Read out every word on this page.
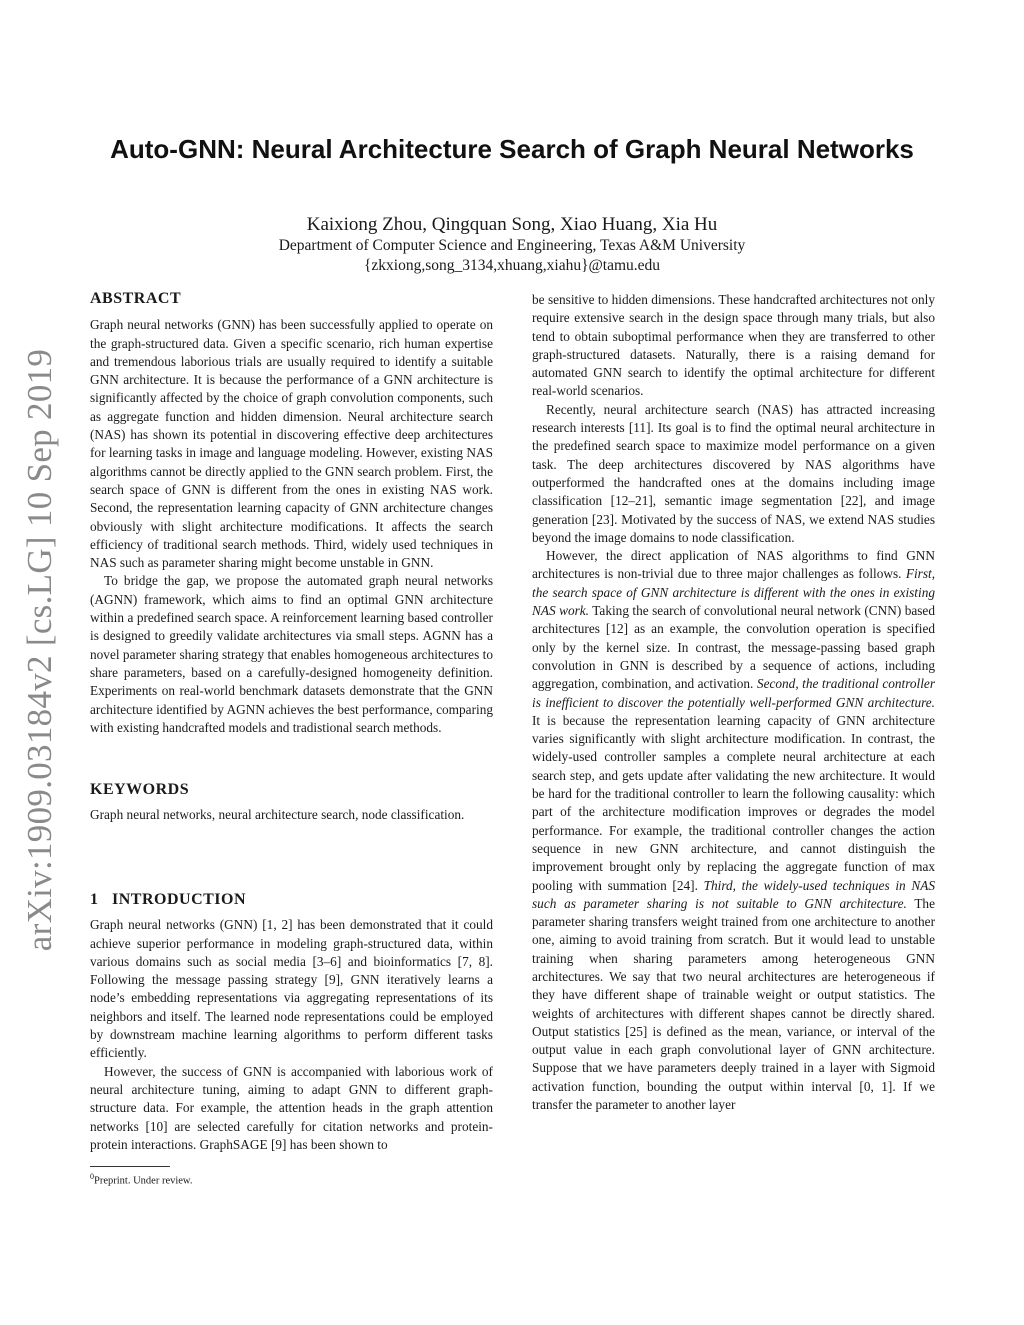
arXiv:1909.03184v2 [cs.LG] 10 Sep 2019
Auto-GNN: Neural Architecture Search of Graph Neural Networks
Kaixiong Zhou, Qingquan Song, Xiao Huang, Xia Hu
Department of Computer Science and Engineering, Texas A&M University
{zkxiong,song_3134,xhuang,xiahu}@tamu.edu
ABSTRACT

Graph neural networks (GNN) has been successfully applied to operate on the graph-structured data. Given a specific scenario, rich human expertise and tremendous laborious trials are usually required to identify a suitable GNN architecture. It is because the performance of a GNN architecture is significantly affected by the choice of graph convolution components, such as aggregate function and hidden dimension. Neural architecture search (NAS) has shown its potential in discovering effective deep architectures for learning tasks in image and language modeling. However, existing NAS algorithms cannot be directly applied to the GNN search problem. First, the search space of GNN is different from the ones in existing NAS work. Second, the representation learning capacity of GNN architecture changes obviously with slight architecture modifications. It affects the search efficiency of traditional search methods. Third, widely used techniques in NAS such as parameter sharing might become unstable in GNN.

To bridge the gap, we propose the automated graph neural networks (AGNN) framework, which aims to find an optimal GNN architecture within a predefined search space. A reinforcement learning based controller is designed to greedily validate architectures via small steps. AGNN has a novel parameter sharing strategy that enables homogeneous architectures to share parameters, based on a carefully-designed homogeneity definition. Experiments on real-world benchmark datasets demonstrate that the GNN architecture identified by AGNN achieves the best performance, comparing with existing handcrafted models and tradistional search methods.

KEYWORDS

Graph neural networks, neural architecture search, node classification.

1   INTRODUCTION

Graph neural networks (GNN) [1, 2] has been demonstrated that it could achieve superior performance in modeling graph-structured data, within various domains such as social media [3–6] and bioinformatics [7, 8]. Following the message passing strategy [9], GNN iteratively learns a node’s embedding representations via aggregating representations of its neighbors and itself. The learned node representations could be employed by downstream machine learning algorithms to perform different tasks efficiently.

However, the success of GNN is accompanied with laborious work of neural architecture tuning, aiming to adapt GNN to different graph-structure data. For example, the attention heads in the graph attention networks [10] are selected carefully for citation networks and protein-protein interactions. GraphSAGE [9] has been shown to

be sensitive to hidden dimensions. These handcrafted architectures not only require extensive search in the design space through many trials, but also tend to obtain suboptimal performance when they are transferred to other graph-structured datasets. Naturally, there is a raising demand for automated GNN search to identify the optimal architecture for different real-world scenarios.

Recently, neural architecture search (NAS) has attracted increasing research interests [11]. Its goal is to find the optimal neural architecture in the predefined search space to maximize model performance on a given task. The deep architectures discovered by NAS algorithms have outperformed the handcrafted ones at the domains including image classification [12–21], semantic image segmentation [22], and image generation [23]. Motivated by the success of NAS, we extend NAS studies beyond the image domains to node classification.

However, the direct application of NAS algorithms to find GNN architectures is non-trivial due to three major challenges as follows. First, the search space of GNN architecture is different with the ones in existing NAS work. Taking the search of convolutional neural network (CNN) based architectures [12] as an example, the convolution operation is specified only by the kernel size. In contrast, the message-passing based graph convolution in GNN is described by a sequence of actions, including aggregation, combination, and activation. Second, the traditional controller is inefficient to discover the potentially well-performed GNN architecture. It is because the representation learning capacity of GNN architecture varies significantly with slight architecture modification. In contrast, the widely-used controller samples a complete neural architecture at each search step, and gets update after validating the new architecture. It would be hard for the traditional controller to learn the following causality: which part of the architecture modification improves or degrades the model performance. For example, the traditional controller changes the action sequence in new GNN architecture, and cannot distinguish the improvement brought only by replacing the aggregate function of max pooling with summation [24]. Third, the widely-used techniques in NAS such as parameter sharing is not suitable to GNN architecture. The parameter sharing transfers weight trained from one architecture to another one, aiming to avoid training from scratch. But it would lead to unstable training when sharing parameters among heterogeneous GNN architectures. We say that two neural architectures are heterogeneous if they have different shape of trainable weight or output statistics. The weights of architectures with different shapes cannot be directly shared. Output statistics [25] is defined as the mean, variance, or interval of the output value in each graph convolutional layer of GNN architecture. Suppose that we have parameters deeply trained in a layer with Sigmoid activation function, bounding the output within interval [0, 1]. If we transfer the parameter to another layer

$^0$Preprint. Under review.
